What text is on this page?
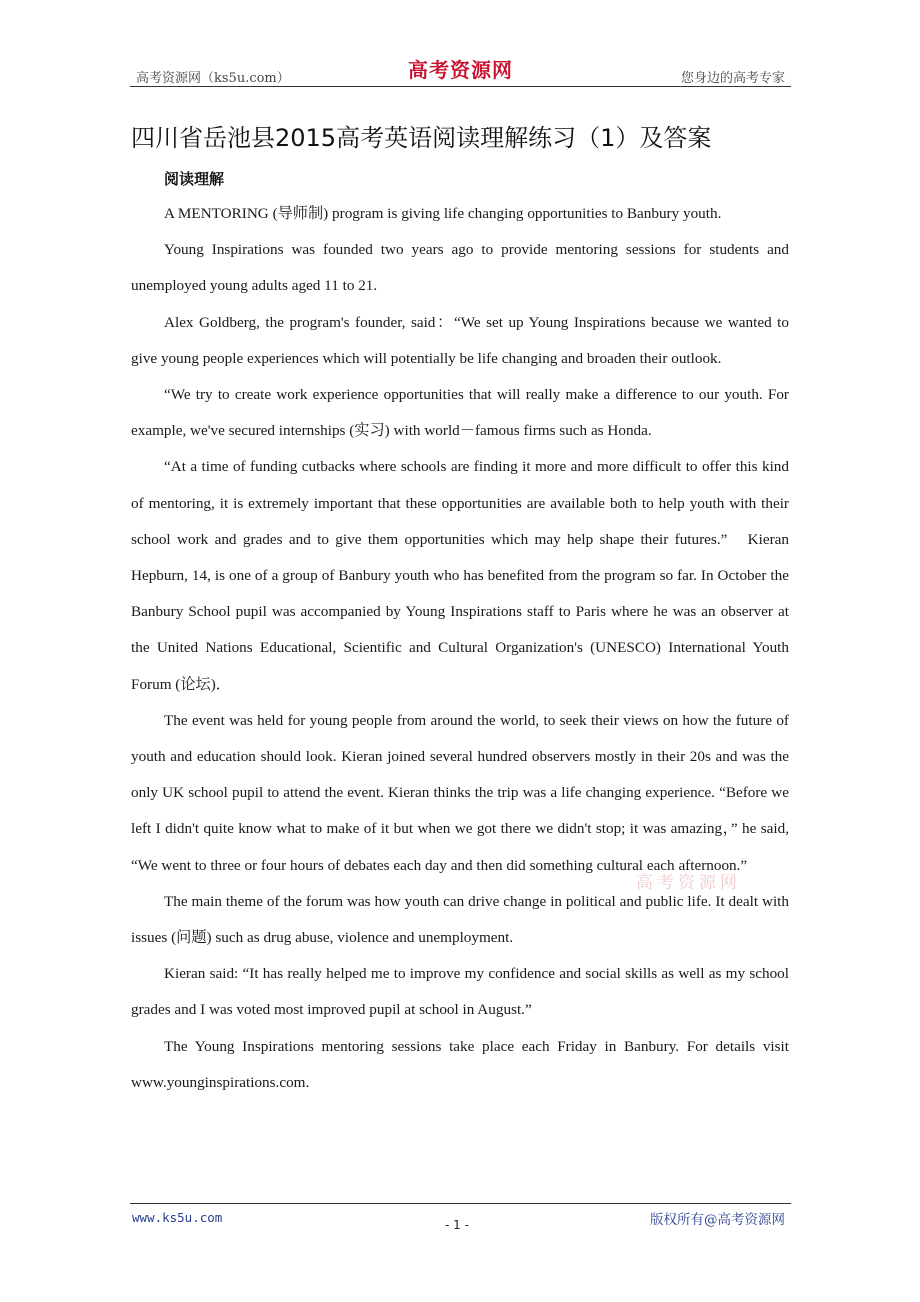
高考资源网（ks5u.com）	高考资源网	您身边的高考专家
四川省岳池县2015高考英语阅读理解练习（1）及答案
阅读理解

A MENTORING (导师制) program is giving life changing opportunities to Banbury youth.

Young Inspirations was founded two years ago to provide mentoring sessions for students and unemployed young adults aged 11 to 21.

Alex Goldberg, the program's founder, said：“We set up Young Inspirations because we wanted to give young people experiences which will potentially be life changing and broaden their outlook.

“We try to create work experience opportunities that will really make a difference to our youth. For example, we've secured internships (实习) with world－famous firms such as Honda.

“At a time of funding cutbacks where schools are finding it more and more difficult to offer this kind of mentoring, it is extremely important that these opportunities are available both to help youth with their school work and grades and to give them opportunities which may help shape their futures.”　Kieran Hepburn, 14, is one of a group of Banbury youth who has benefited from the program so far. In October the Banbury School pupil was accompanied by Young Inspirations staff to Paris where he was an observer at the United Nations Educational, Scientific and Cultural Organization's (UNESCO) International Youth Forum (论坛)．

The event was held for young people from around the world, to seek their views on how the future of youth and education should look. Kieran joined several hundred observers mostly in their 20s and was the only UK school pupil to attend the event. Kieran thinks the trip was a life changing experience. “Before we left I didn't quite know what to make of it but when we got there we didn't stop; it was amazing，” he said, “We went to three or four hours of debates each day and then did something cultural each afternoon.”

The main theme of the forum was how youth can drive change in political and public life. It dealt with issues (问题) such as drug abuse, violence and unemployment.

Kieran said: “It has really helped me to improve my confidence and social skills as well as my school grades and I was voted most improved pupil at school in August.”

The Young Inspirations mentoring sessions take place each Friday in Banbury. For details visit www.younginspirations.com.

高考资源网
www.ks5u.com	- 1 -	版权所有@高考资源网
